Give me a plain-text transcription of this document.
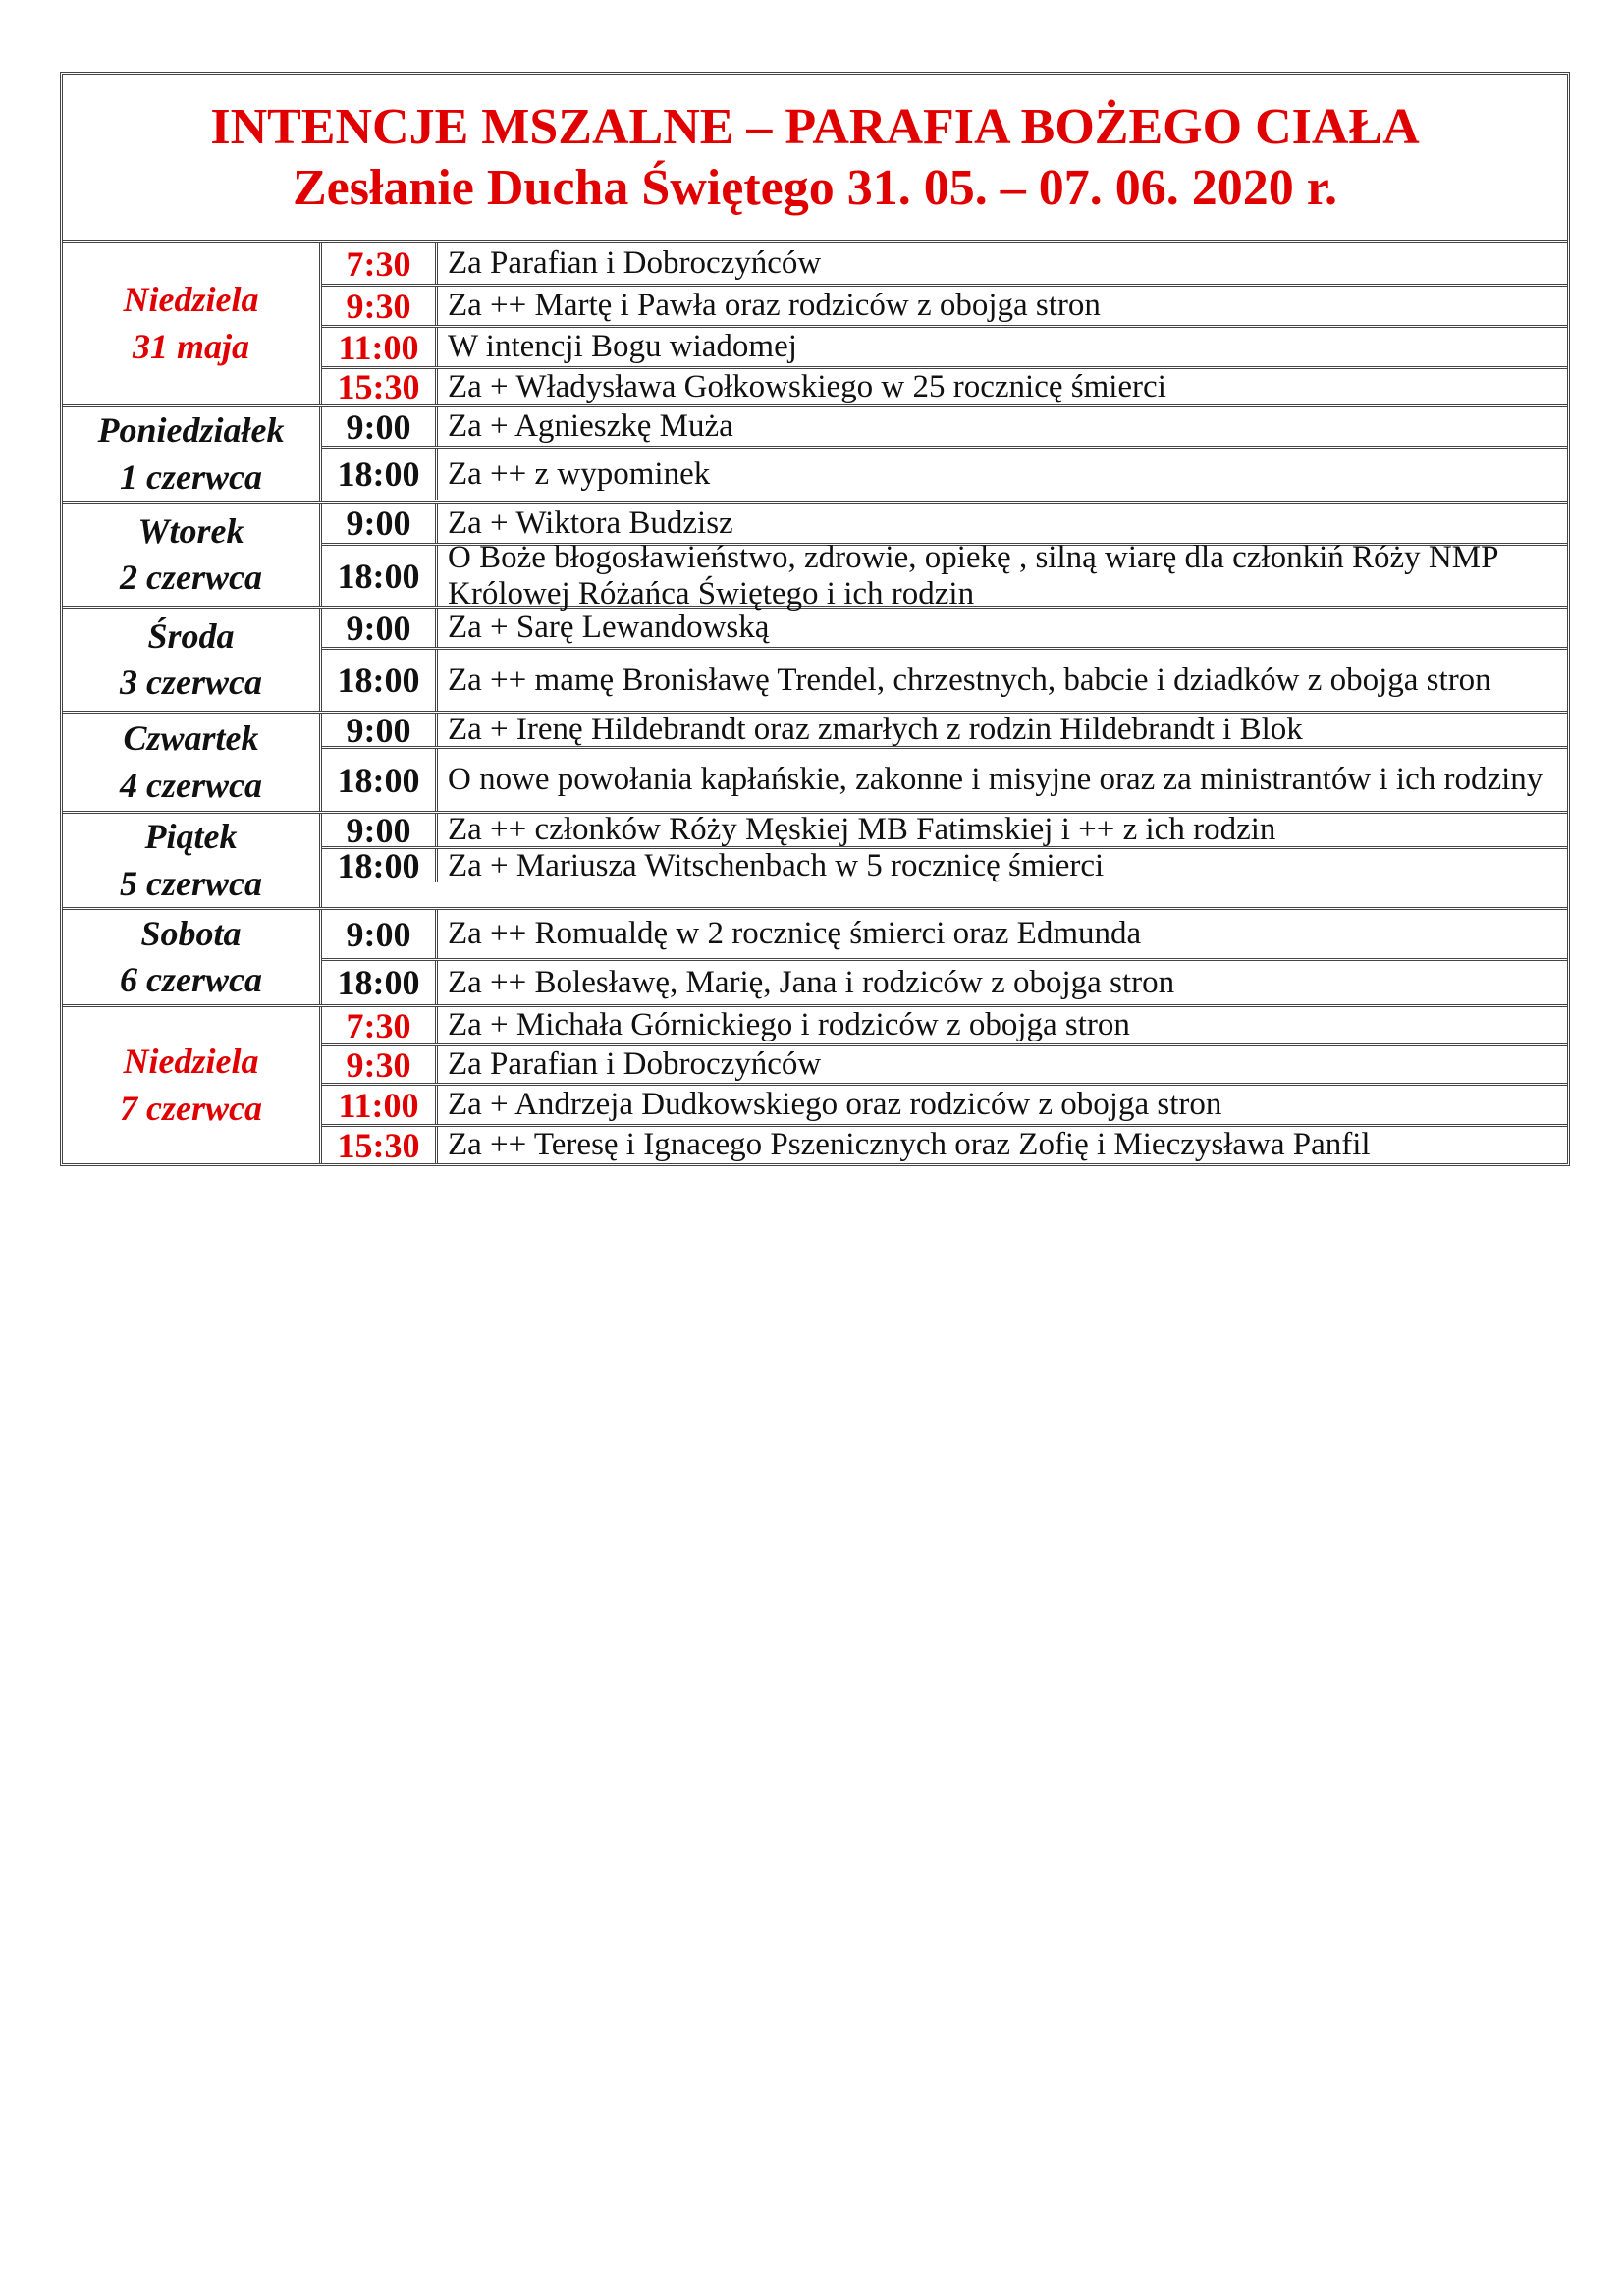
INTENCJE MSZALNE – PARAFIA BOŻEGO CIAŁA
Zesłanie Ducha Świętego 31. 05. – 07. 06. 2020 r.
Niedziela
31 maja
7:30	Za Parafian i Dobroczyńców
9:30	Za ++ Martę i Pawła oraz rodziców z obojga stron
11:00 W intencji Bogu wiadomej
15:30 Za + Władysława Gołkowskiego w 25 rocznicę śmierci
Poniedziałek
1 czerwca
9:00	Za + Agnieszkę Muża
18:00 Za ++ z wypominek
Wtorek
2 czerwca
9:00	Za + Wiktora Budzisz
18:00 O Boże błogosławieństwo, zdrowie, opiekę , silną wiarę dla członkiń Róży NMP Królowej Różańca Świętego i ich rodzin
Środa
3 czerwca
9:00	Za + Sarę Lewandowską
18:00 Za ++ mamę Bronisławę Trendel, chrzestnych, babcie i dziadków z obojga stron
Czwartek
4 czerwca
9:00	Za + Irenę Hildebrandt oraz zmarłych z rodzin Hildebrandt i Blok
18:00 O nowe powołania kapłańskie, zakonne i misyjne oraz za ministrantów i ich rodziny
Piątek
5 czerwca
9:00	Za ++ członków Róży Męskiej MB Fatimskiej i ++ z ich rodzin
18:00 Za + Mariusza Witschenbach w 5 rocznicę śmierci
Sobota
6 czerwca
9:00	Za ++ Romualdę w 2 rocznicę śmierci oraz Edmunda
18:00 Za ++ Bolesławę, Marię, Jana i rodziców z obojga stron
Niedziela
7 czerwca
7:30	Za + Michała Górnickiego i rodziców z obojga stron
9:30	Za Parafian i Dobroczyńców
11:00 Za + Andrzeja Dudkowskiego oraz rodziców z obojga stron
15:30 Za ++ Teresę i Ignacego Pszenicznych oraz Zofię i Mieczysława Panfil
